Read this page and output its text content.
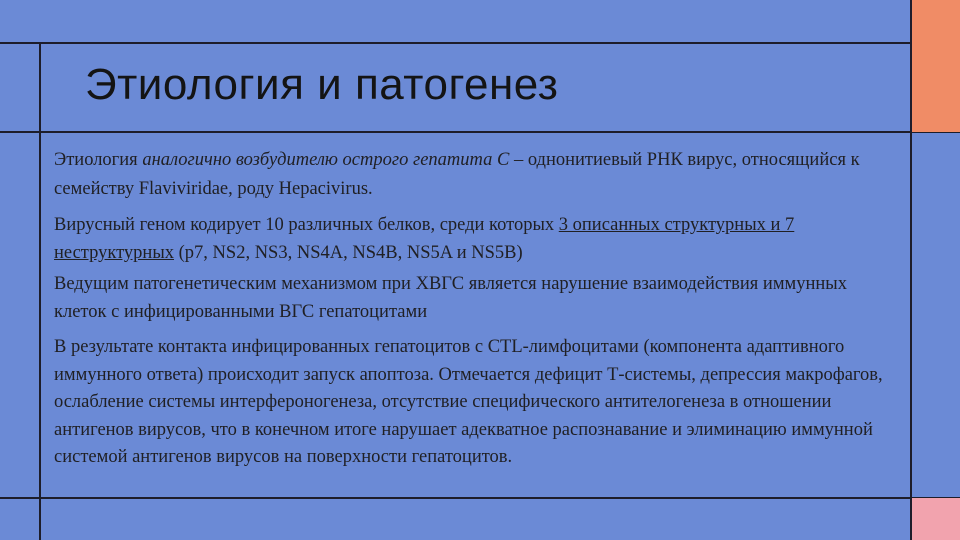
Этиология и патогенез

Этиология аналогично возбудителю острого гепатита С – однонитиевый РНК вирус, относящийся к семейству Flaviviridae, роду Hepacivirus.

Вирусный геном кодирует 10 различных белков, среди которых 3 описанных структурных и 7 неструктурных (р7, NS2, NS3, NS4A, NS4B, NS5A и NS5B)

Ведущим патогенетическим механизмом при ХВГС является нарушение взаимодействия иммунных клеток с инфицированными ВГС гепатоцитами

В результате контакта инфицированных гепатоцитов с CTL-лимфоцитами (компонента адаптивного иммунного ответа) происходит запуск апоптоза. Отмечается дефицит Т-системы, депрессия макрофагов, ослабление системы интерфероногенеза, отсутствие специфического антителогенеза в отношении антигенов вирусов, что в конечном итоге нарушает адекватное распознавание и элиминацию иммунной системой антигенов вирусов на поверхности гепатоцитов.
